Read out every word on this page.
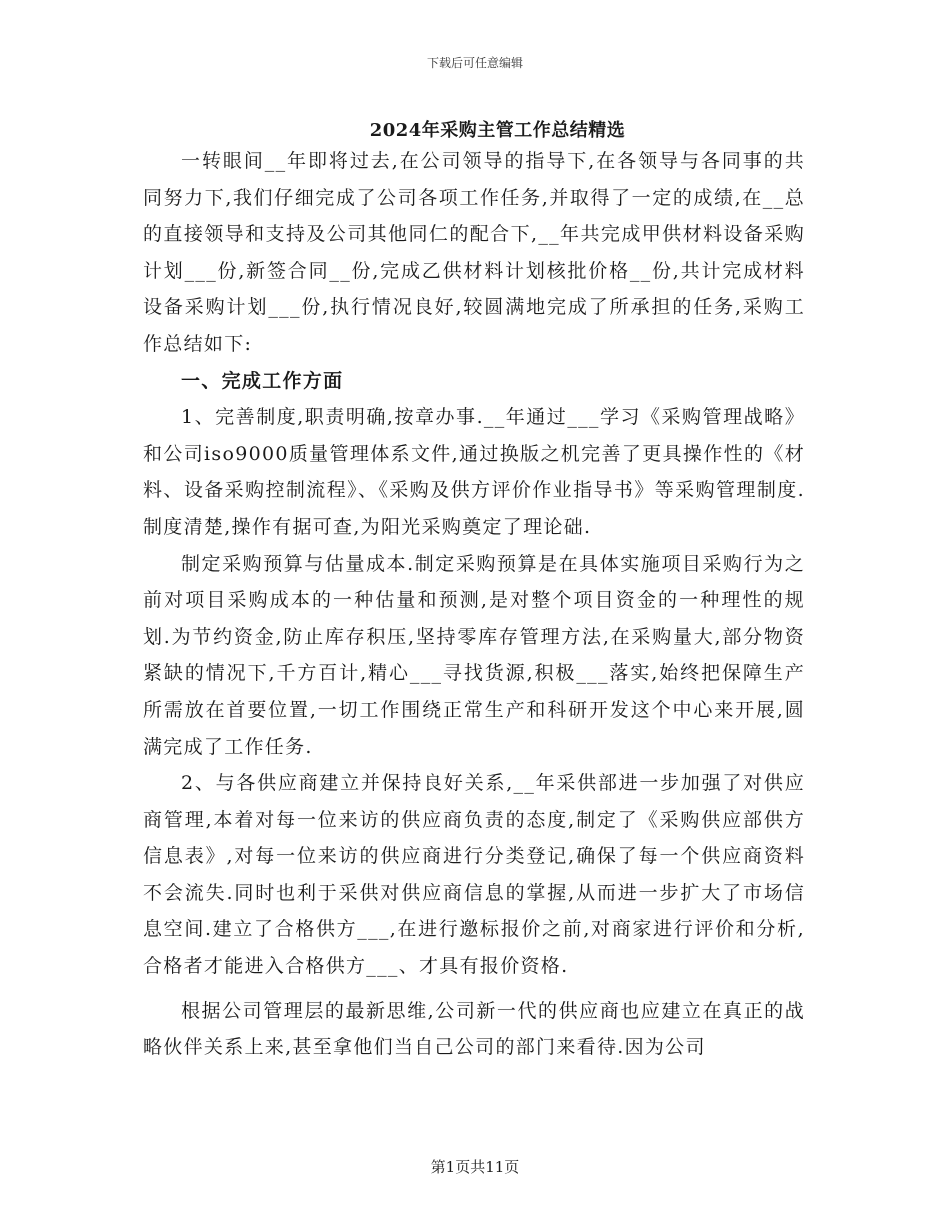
下载后可任意编辑
2024年采购主管工作总结精选

一转眼间__年即将过去,在公司领导的指导下,在各领导与各同事的共同努力下,我们仔细完成了公司各项工作任务,并取得了一定的成绩,在__总的直接领导和支持及公司其他同仁的配合下,__年共完成甲供材料设备采购计划___份,新签合同__份,完成乙供材料计划核批价格__份,共计完成材料设备采购计划___份,执行情况良好,较圆满地完成了所承担的任务,采购工作总结如下:

一、完成工作方面

1、完善制度,职责明确,按章办事.__年通过___学习《采购管理战略》和公司iso9000质量管理体系文件,通过换版之机完善了更具操作性的《材料、设备采购控制流程》、《采购及供方评价作业指导书》等采购管理制度.制度清楚,操作有据可查,为阳光采购奠定了理论础.

制定采购预算与估量成本.制定采购预算是在具体实施项目采购行为之前对项目采购成本的一种估量和预测,是对整个项目资金的一种理性的规划.为节约资金,防止库存积压,坚持零库存管理方法,在采购量大,部分物资紧缺的情况下,千方百计,精心___寻找货源,积极___落实,始终把保障生产所需放在首要位置,一切工作围绕正常生产和科研开发这个中心来开展,圆满完成了工作任务.

2、与各供应商建立并保持良好关系,__年采供部进一步加强了对供应商管理,本着对每一位来访的供应商负责的态度,制定了《采购供应部供方信息表》,对每一位来访的供应商进行分类登记,确保了每一个供应商资料不会流失.同时也利于采供对供应商信息的掌握,从而进一步扩大了市场信息空间.建立了合格供方___,在进行邀标报价之前,对商家进行评价和分析,合格者才能进入合格供方___、才具有报价资格.

根据公司管理层的最新思维,公司新一代的供应商也应建立在真正的战略伙伴关系上来,甚至拿他们当自己公司的部门来看待.因为公司

第1页共11页
